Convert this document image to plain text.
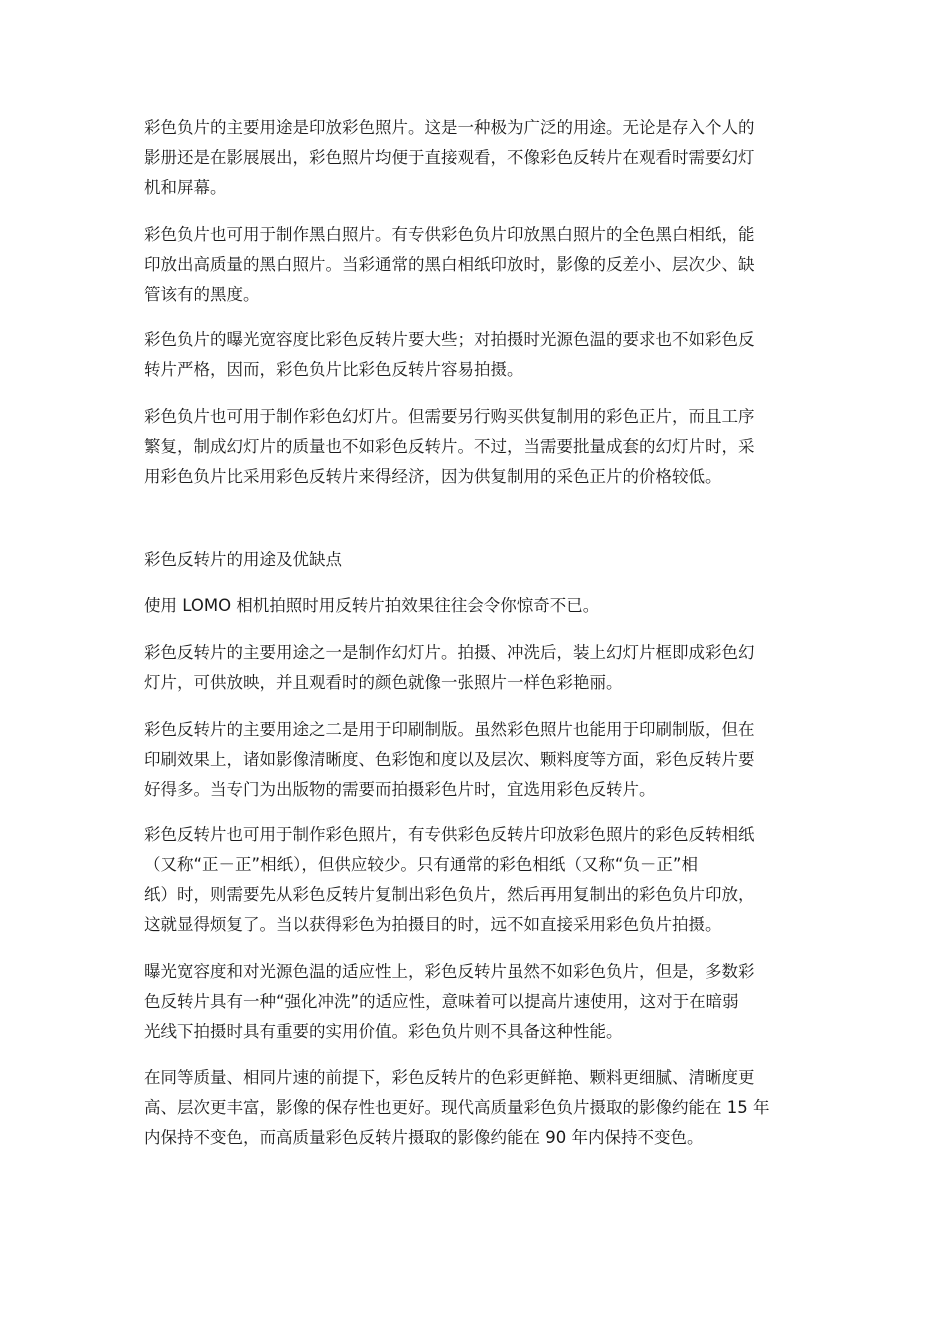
彩色负片的主要用途是印放彩色照片。这是一种极为广泛的用途。无论是存入个人的
影册还是在影展展出，彩色照片均便于直接观看，不像彩色反转片在观看时需要幻灯
机和屏幕。

彩色负片也可用于制作黑白照片。有专供彩色负片印放黑白照片的全色黑白相纸，能
印放出高质量的黑白照片。当彩通常的黑白相纸印放时，影像的反差小、层次少、缺
管该有的黑度。

彩色负片的曝光宽容度比彩色反转片要大些；对拍摄时光源色温的要求也不如彩色反
转片严格，因而，彩色负片比彩色反转片容易拍摄。

彩色负片也可用于制作彩色幻灯片。但需要另行购买供复制用的彩色正片，而且工序
繁复，制成幻灯片的质量也不如彩色反转片。不过，当需要批量成套的幻灯片时，采
用彩色负片比采用彩色反转片来得经济，因为供复制用的采色正片的价格较低。

彩色反转片的用途及优缺点

使用 LOMO 相机拍照时用反转片拍效果往往会令你惊奇不已。

彩色反转片的主要用途之一是制作幻灯片。拍摄、冲洗后，装上幻灯片框即成彩色幻
灯片，可供放映，并且观看时的颜色就像一张照片一样色彩艳丽。

彩色反转片的主要用途之二是用于印刷制版。虽然彩色照片也能用于印刷制版，但在
印刷效果上，诸如影像清晰度、色彩饱和度以及层次、颗料度等方面，彩色反转片要
好得多。当专门为出版物的需要而拍摄彩色片时，宜选用彩色反转片。

彩色反转片也可用于制作彩色照片，有专供彩色反转片印放彩色照片的彩色反转相纸
（又称“正－正”相纸），但供应较少。只有通常的彩色相纸（又称“负－正”相
纸）时，则需要先从彩色反转片复制出彩色负片，然后再用复制出的彩色负片印放，
这就显得烦复了。当以获得彩色为拍摄目的时，远不如直接采用彩色负片拍摄。

曝光宽容度和对光源色温的适应性上，彩色反转片虽然不如彩色负片，但是，多数彩
色反转片具有一种“强化冲洗”的适应性，意味着可以提高片速使用，这对于在暗弱
光线下拍摄时具有重要的实用价值。彩色负片则不具备这种性能。

在同等质量、相同片速的前提下，彩色反转片的色彩更鲜艳、颗料更细腻、清晰度更
高、层次更丰富，影像的保存性也更好。现代高质量彩色负片摄取的影像约能在 15 年
内保持不变色，而高质量彩色反转片摄取的影像约能在 90 年内保持不变色。
